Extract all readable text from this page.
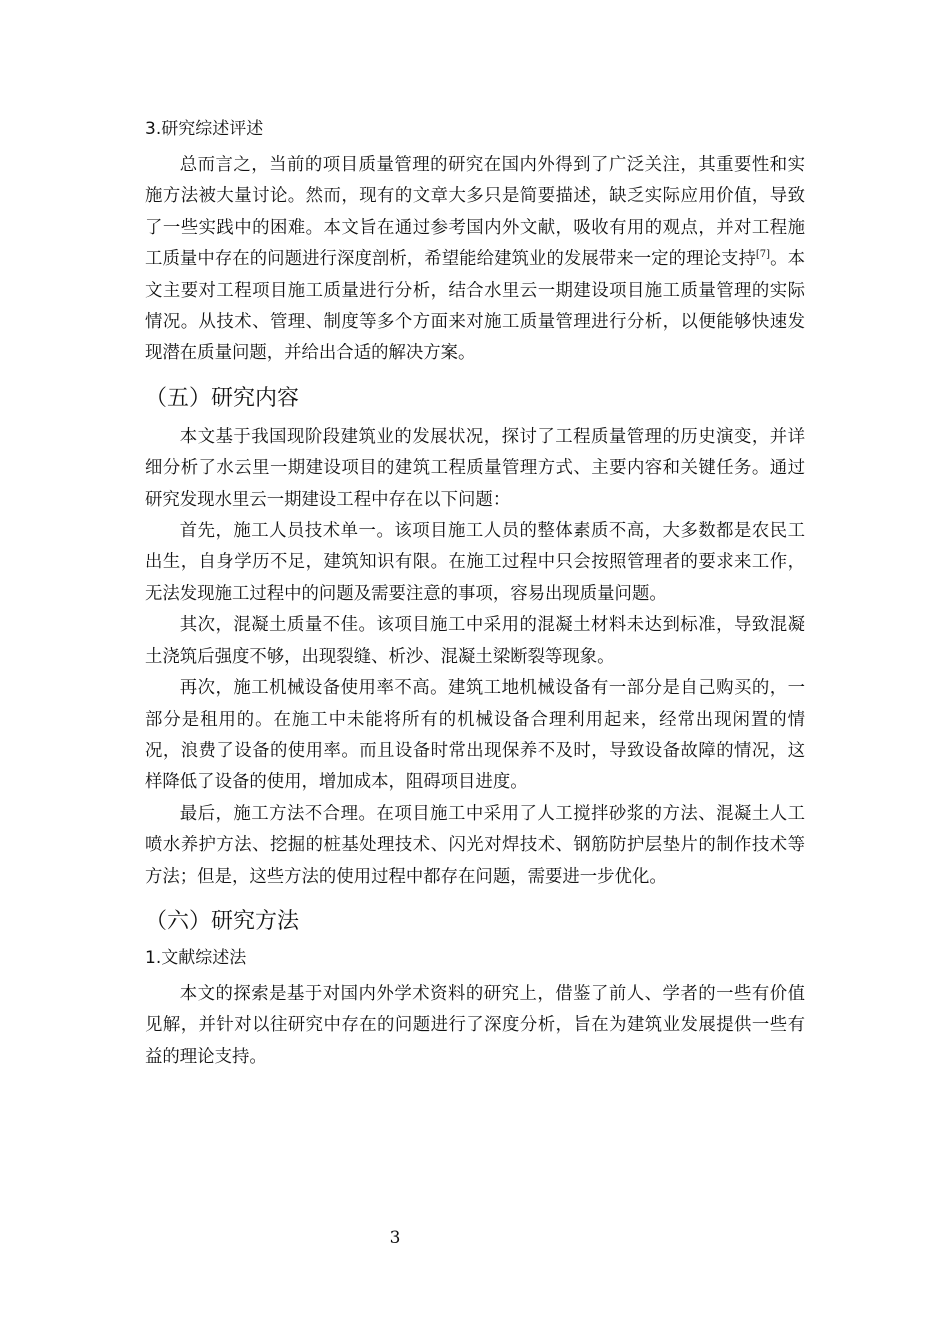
3.研究综述评述

总而言之，当前的项目质量管理的研究在国内外得到了广泛关注，其重要性和实施方法被大量讨论。然而，现有的文章大多只是简要描述，缺乏实际应用价值，导致了一些实践中的困难。本文旨在通过参考国内外文献，吸收有用的观点，并对工程施工质量中存在的问题进行深度剖析，希望能给建筑业的发展带来一定的理论支持[7]。本文主要对工程项目施工质量进行分析，结合水里云一期建设项目施工质量管理的实际情况。从技术、管理、制度等多个方面来对施工质量管理进行分析，以便能够快速发现潜在质量问题，并给出合适的解决方案。

（五）研究内容

本文基于我国现阶段建筑业的发展状况，探讨了工程质量管理的历史演变，并详细分析了水云里一期建设项目的建筑工程质量管理方式、主要内容和关键任务。通过研究发现水里云一期建设工程中存在以下问题：

首先，施工人员技术单一。该项目施工人员的整体素质不高，大多数都是农民工出生，自身学历不足，建筑知识有限。在施工过程中只会按照管理者的要求来工作，无法发现施工过程中的问题及需要注意的事项，容易出现质量问题。

其次，混凝土质量不佳。该项目施工中采用的混凝土材料未达到标准，导致混凝土浇筑后强度不够，出现裂缝、析沙、混凝土梁断裂等现象。

再次，施工机械设备使用率不高。建筑工地机械设备有一部分是自己购买的，一部分是租用的。在施工中未能将所有的机械设备合理利用起来，经常出现闲置的情况，浪费了设备的使用率。而且设备时常出现保养不及时，导致设备故障的情况，这样降低了设备的使用，增加成本，阻碍项目进度。

最后，施工方法不合理。在项目施工中采用了人工搅拌砂浆的方法、混凝土人工喷水养护方法、挖掘的桩基处理技术、闪光对焊技术、钢筋防护层垫片的制作技术等方法；但是，这些方法的使用过程中都存在问题，需要进一步优化。

（六）研究方法
1.文献综述法

本文的探索是基于对国内外学术资料的研究上，借鉴了前人、学者的一些有价值见解，并针对以往研究中存在的问题进行了深度分析，旨在为建筑业发展提供一些有益的理论支持。

3
